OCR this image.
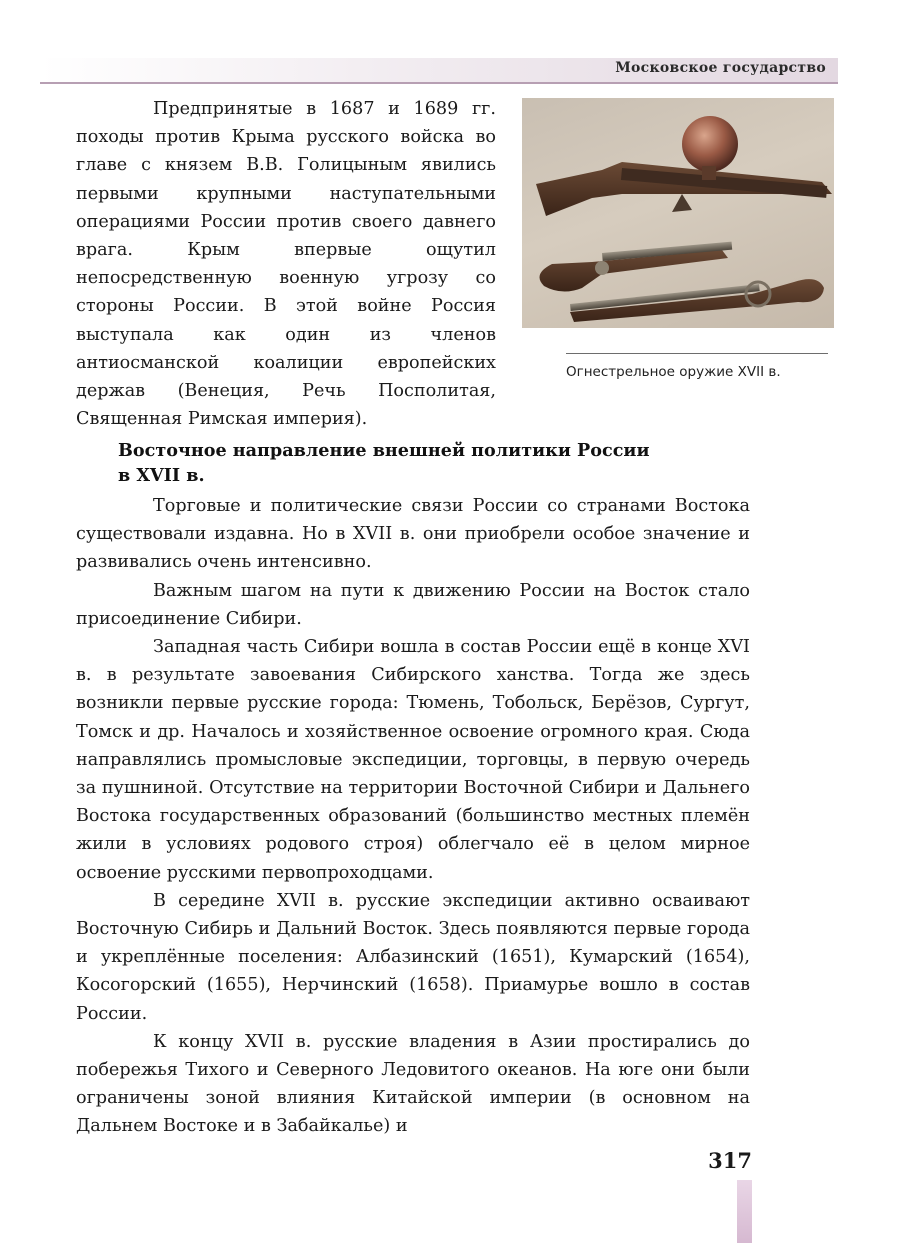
Московское государство

Предпринятые в 1687 и 1689 гг. походы против Крыма русского войска во главе с князем В.В. Голицыным явились первыми крупными наступательными операциями России против своего давнего врага. Крым впервые ощутил непосредственную военную угрозу со стороны России. В этой войне Россия выступала как один из членов антиосманской коалиции европейских держав (Венеция, Речь Посполитая, Священная Римская империя).

Огнестрельное оружие XVII в.
Восточное направление внешней политики России
в XVII в.

Торговые и политические связи России со странами Востока существовали издавна. Но в XVII в. они приобрели особое значение и развивались очень интенсивно.

Важным шагом на пути к движению России на Восток стало присоединение Сибири.

Западная часть Сибири вошла в состав России ещё в конце XVI в. в результате завоевания Сибирского ханства. Тогда же здесь возникли первые русские города: Тюмень, Тобольск, Берёзов, Сургут, Томск и др. Началось и хозяйственное освоение огромного края. Сюда направлялись промысловые экспедиции, торговцы, в первую очередь за пушниной. Отсутствие на территории Восточной Сибири и Дальнего Востока государственных образований (большинство местных племён жили в условиях родового строя) облегчало её в целом мирное освоение русскими первопроходцами.

В середине XVII в. русские экспедиции активно осваивают Восточную Сибирь и Дальний Восток. Здесь появляются первые города и укреплённые поселения: Албазинский (1651), Кумарский (1654), Косогорский (1655), Нерчинский (1658). Приамурье вошло в состав России.

К концу XVII в. русские владения в Азии простирались до побережья Тихого и Северного Ледовитого океанов. На юге они были ограничены зоной влияния Китайской империи (в основном на Дальнем Востоке и в Забайкалье) и

317
